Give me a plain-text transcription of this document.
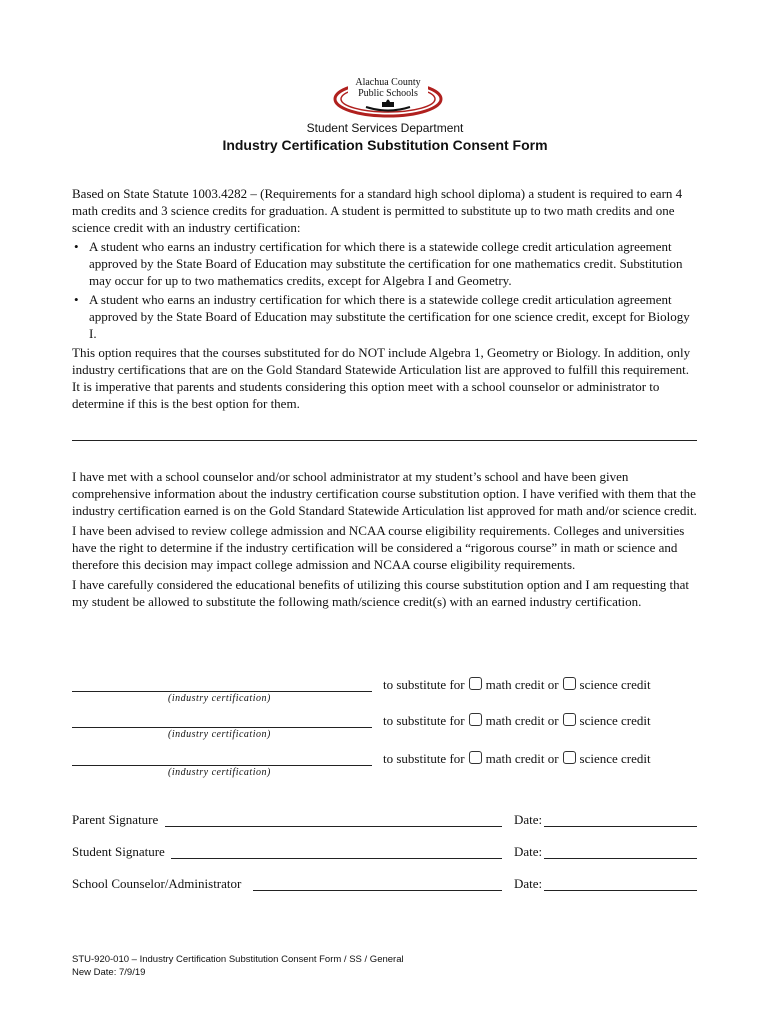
Alachua County
Public Schools
Student Services Department
Industry Certification Substitution Consent Form

Based on State Statute 1003.4282 – (Requirements for a standard high school diploma) a student is required to earn 4 math credits and 3 science credits for graduation. A student is permitted to substitute up to two math credits and one science credit with an industry certification:

• A student who earns an industry certification for which there is a statewide college credit articulation agreement approved by the State Board of Education may substitute the certification for one mathematics credit. Substitution may occur for up to two mathematics credits, except for Algebra I and Geometry.
• A student who earns an industry certification for which there is a statewide college credit articulation agreement approved by the State Board of Education may substitute the certification for one science credit, except for Biology I.

This option requires that the courses substituted for do NOT include Algebra 1, Geometry or Biology. In addition, only industry certifications that are on the Gold Standard Statewide Articulation list are approved to fulfill this requirement. It is imperative that parents and students considering this option meet with a school counselor or administrator to determine if this is the best option for them.

I have met with a school counselor and/or school administrator at my student’s school and have been given comprehensive information about the industry certification course substitution option. I have verified with them that the industry certification earned is on the Gold Standard Statewide Articulation list approved for math and/or science credit.

I have been advised to review college admission and NCAA course eligibility requirements. Colleges and universities have the right to determine if the industry certification will be considered a “rigorous course” in math or science and therefore this decision may impact college admission and NCAA course eligibility requirements.

I have carefully considered the educational benefits of utilizing this course substitution option and I am requesting that my student be allowed to substitute the following math/science credit(s) with an earned industry certification.

(industry certification)
to substitute for math credit or science credit
(industry certification)
to substitute for math credit or science credit
(industry certification)
to substitute for math credit or science credit
Parent Signature	Date:
Student Signature	Date:
School Counselor/Administrator	Date:
STU-920-010 – Industry Certification Substitution Consent Form / SS / General
New Date: 7/9/19
